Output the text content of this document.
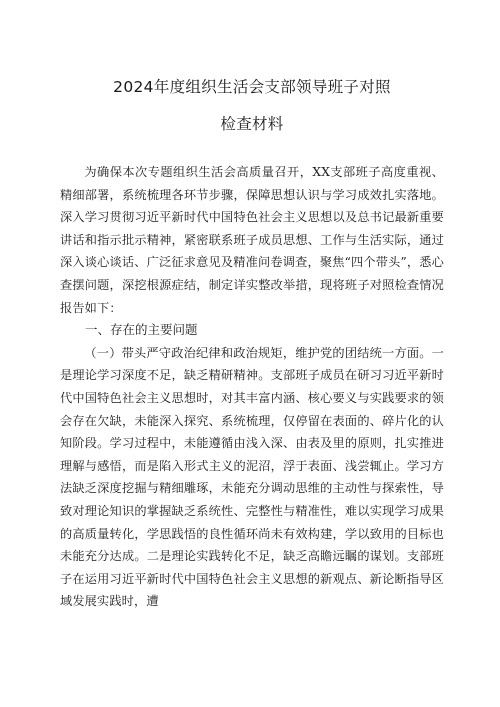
2024年度组织生活会支部领导班子对照
检查材料

为确保本次专题组织生活会高质量召开，XX支部班子高度重视、精细部署，系统梳理各环节步骤，保障思想认识与学习成效扎实落地。深入学习贯彻习近平新时代中国特色社会主义思想以及总书记最新重要讲话和指示批示精神，紧密联系班子成员思想、工作与生活实际，通过深入谈心谈话、广泛征求意见及精准问卷调查，聚焦“四个带头”，悉心查摆问题，深挖根源症结，制定详实整改举措，现将班子对照检查情况报告如下：

一、存在的主要问题

（一）带头严守政治纪律和政治规矩，维护党的团结统一方面。一是理论学习深度不足，缺乏精研精神。支部班子成员在研习习近平新时代中国特色社会主义思想时，对其丰富内涵、核心要义与实践要求的领会存在欠缺，未能深入探究、系统梳理，仅停留在表面的、碎片化的认知阶段。学习过程中，未能遵循由浅入深、由表及里的原则，扎实推进理解与感悟，而是陷入形式主义的泥沼，浮于表面、浅尝辄止。学习方法缺乏深度挖掘与精细雕琢，未能充分调动思维的主动性与探索性，导致对理论知识的掌握缺乏系统性、完整性与精准性，难以实现学习成果的高质量转化，学思践悟的良性循环尚未有效构建，学以致用的目标也未能充分达成。二是理论实践转化不足，缺乏高瞻远瞩的谋划。支部班子在运用习近平新时代中国特色社会主义思想的新观点、新论断指导区域发展实践时，遭
